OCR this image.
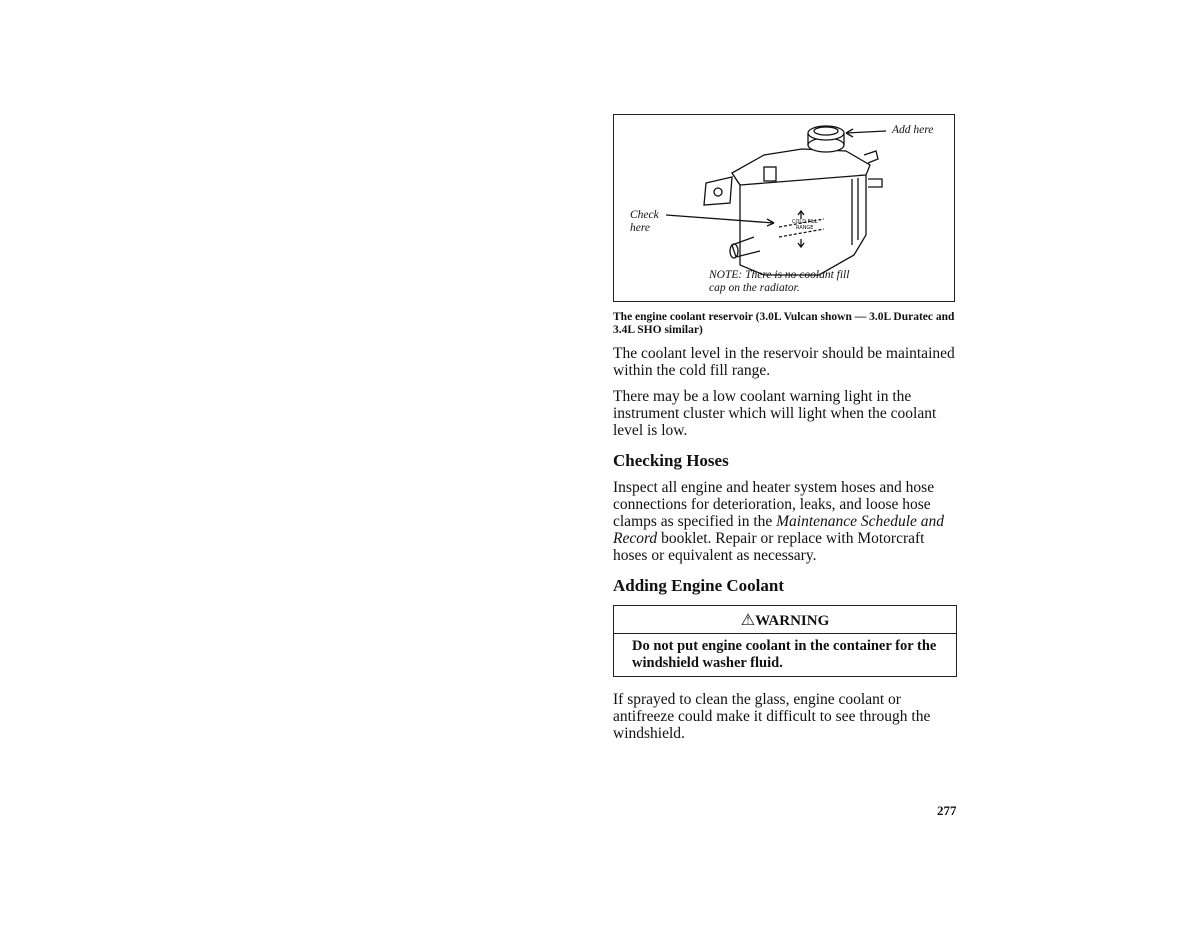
COLD FILL
RANGE
Add here
Check
here
NOTE: There is no coolant fill
cap on the radiator.
The engine coolant reservoir (3.0L Vulcan shown — 3.0L Duratec and 3.4L SHO similar)

The coolant level in the reservoir should be maintained within the cold fill range.

There may be a low coolant warning light in the instrument cluster which will light when the coolant level is low.

Checking Hoses

Inspect all engine and heater system hoses and hose connections for deterioration, leaks, and loose hose clamps as specified in the Maintenance Schedule and Record booklet. Repair or replace with Motorcraft hoses or equivalent as necessary.

Adding Engine Coolant
⚠WARNING
Do not put engine coolant in the container for the windshield washer fluid.

If sprayed to clean the glass, engine coolant or antifreeze could make it difficult to see through the windshield.

277
